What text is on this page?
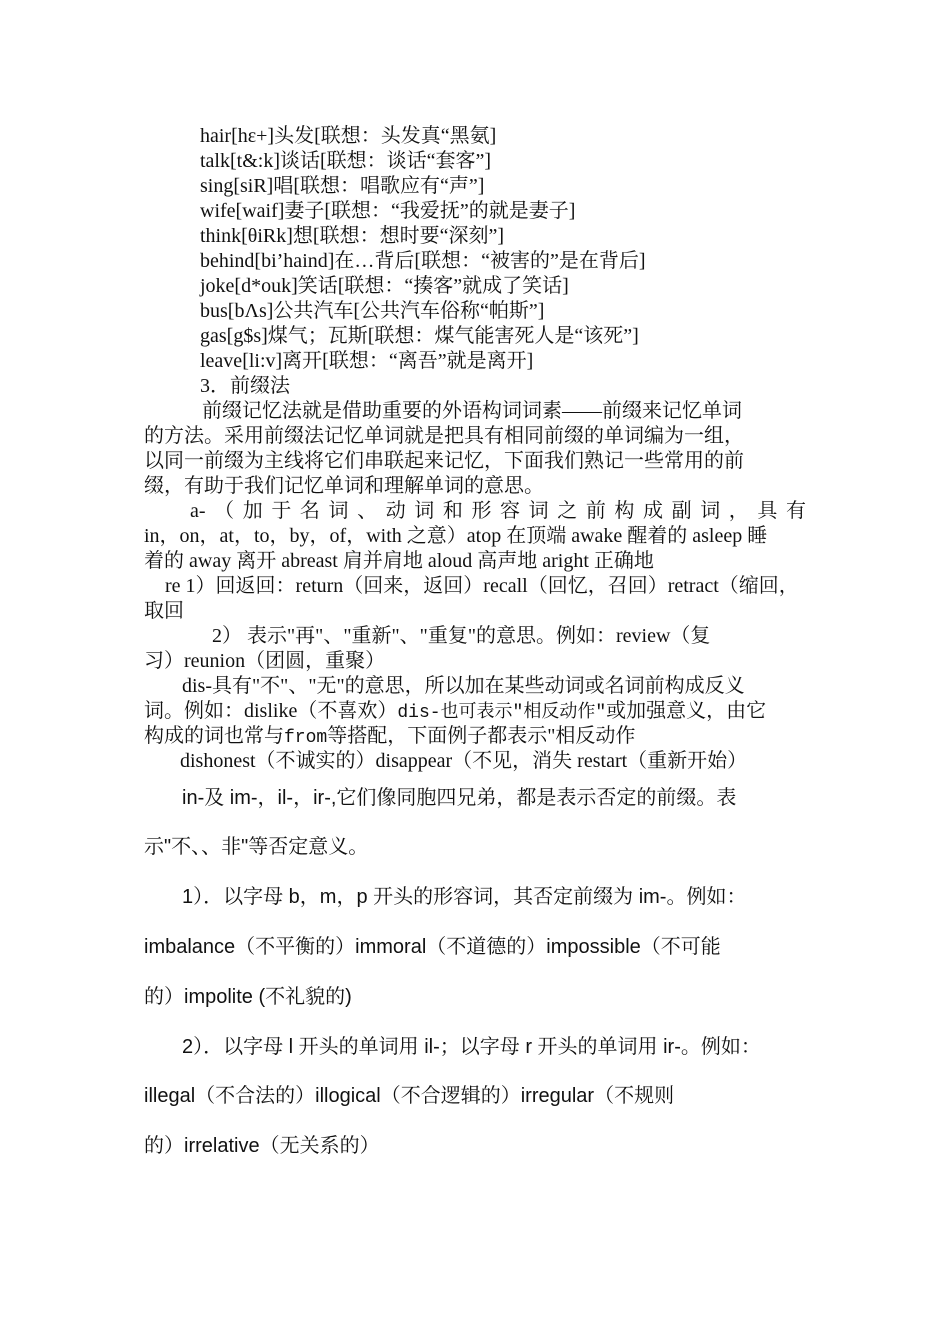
hair[hε+]头发[联想：头发真“黑氨]
talk[t&:k]谈话[联想：谈话“套客”]
sing[siR]唱[联想：唱歌应有“声”]
wife[waif]妻子[联想：“我爱抚”的就是妻子]
think[θiRk]想[联想：想时要“深刻”]
behind[bi’haind]在…背后[联想：“被害的”是在背后]
joke[d*ouk]笑话[联想：“揍客”就成了笑话]
bus[bΛs]公共汽车[公共汽车俗称“帕斯”]
gas[g$s]煤气；瓦斯[联想：煤气能害死人是“该死”]
leave[li:v]离开[联想：“离吾”就是离开]
3．前缀法
前缀记忆法就是借助重要的外语构词词素——前缀来记忆单词
的方法。采用前缀法记忆单词就是把具有相同前缀的单词编为一组，
以同一前缀为主线将它们串联起来记忆，下面我们熟记一些常用的前
缀，有助于我们记忆单词和理解单词的意思。
a-（加于名词、动词和形容词之前构成副词，具有
in，on，at，to，by，of，with 之意）atop 在顶端 awake 醒着的 asleep 睡
着的 away 离开 abreast 肩并肩地 aloud 高声地 aright 正确地
re 1）回返回：return（回来，返回）recall（回忆，召回）retract（缩回，
取回
2） 表示"再"、"重新"、"重复"的意思。例如：review（复
习）reunion（团圆，重聚）
dis-具有"不"、"无"的意思，所以加在某些动词或名词前构成反义
词。例如：dislike（不喜欢）dis-也可表示"相反动作"或加强意义，由它
构成的词也常与from等搭配，下面例子都表示"相反动作
dishonest（不诚实的）disappear（不见，消失 restart（重新开始）
in-及 im-，il-，ir-,它们像同胞四兄弟，都是表示否定的前缀。表
示"不、、非"等否定意义。
1）．以字母 b，m，p 开头的形容词，其否定前缀为 im-。例如：
imbalance（不平衡的）immoral（不道德的）impossible（不可能
的）impolite (不礼貌的)
2）．以字母 l 开头的单词用 il-；以字母 r 开头的单词用 ir-。例如：
illegal（不合法的）illogical（不合逻辑的）irregular（不规则
的）irrelative（无关系的）
